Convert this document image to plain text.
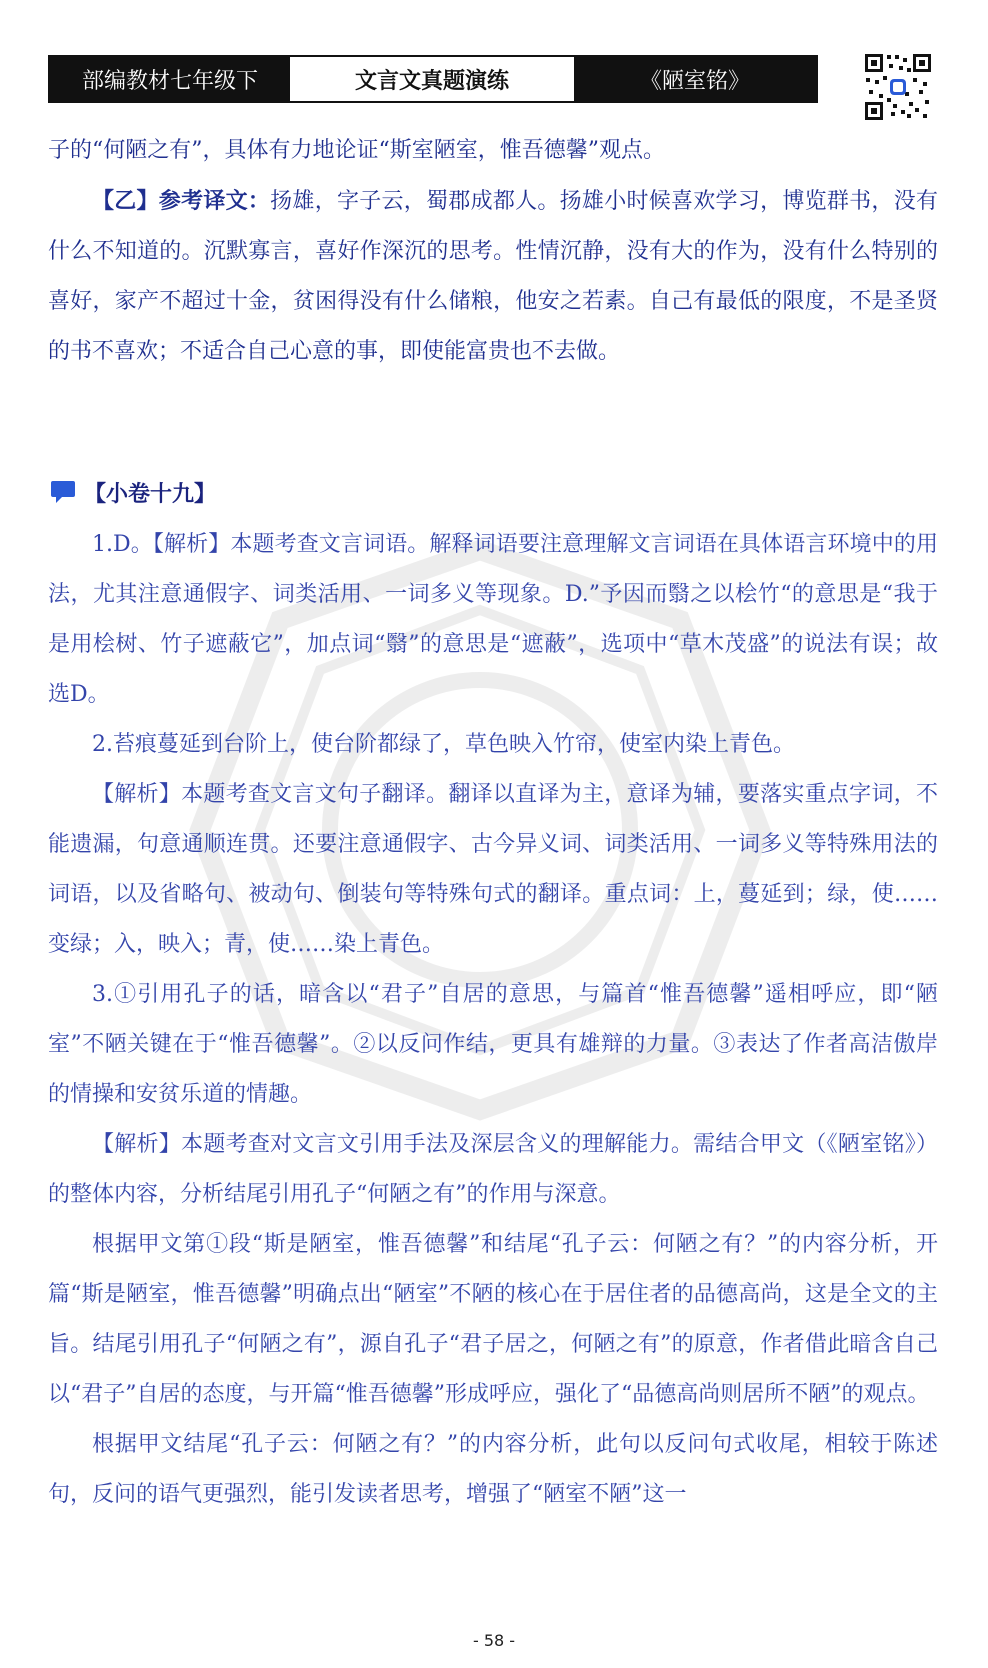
部编教材七年级下	文言文真题演练	《陋室铭》

子的“何陋之有”，具体有力地论证“斯室陋室，惟吾德馨”观点。

【乙】参考译文：扬雄，字子云，蜀郡成都人。扬雄小时候喜欢学习，博览群书，没有什么不知道的。沉默寡言，喜好作深沉的思考。性情沉静，没有大的作为，没有什么特别的喜好，家产不超过十金，贫困得没有什么储粮，他安之若素。自己有最低的限度，不是圣贤的书不喜欢；不适合自己心意的事，即使能富贵也不去做。

【小卷十九】

1.D。【解析】本题考查文言词语。解释词语要注意理解文言词语在具体语言环境中的用法，尤其注意通假字、词类活用、一词多义等现象。D.”予因而翳之以桧竹“的意思是“我于是用桧树、竹子遮蔽它”，加点词“翳”的意思是“遮蔽”，选项中“草木茂盛”的说法有误；故选D。

2.苔痕蔓延到台阶上，使台阶都绿了，草色映入竹帘，使室内染上青色。

【解析】本题考查文言文句子翻译。翻译以直译为主，意译为辅，要落实重点字词，不能遗漏，句意通顺连贯。还要注意通假字、古今异义词、词类活用、一词多义等特殊用法的词语，以及省略句、被动句、倒装句等特殊句式的翻译。重点词：上，蔓延到；绿，使……变绿；入，映入；青，使……染上青色。

3.①引用孔子的话，暗含以“君子”自居的意思，与篇首“惟吾德馨”遥相呼应，即“陋室”不陋关键在于“惟吾德馨”。②以反问作结，更具有雄辩的力量。③表达了作者高洁傲岸的情操和安贫乐道的情趣。

【解析】本题考查对文言文引用手法及深层含义的理解能力。需结合甲文（《陋室铭》）的整体内容，分析结尾引用孔子“何陋之有”的作用与深意。

根据甲文第①段“斯是陋室，惟吾德馨”和结尾“孔子云：何陋之有？”的内容分析，开篇“斯是陋室，惟吾德馨”明确点出“陋室”不陋的核心在于居住者的品德高尚，这是全文的主旨。结尾引用孔子“何陋之有”，源自孔子“君子居之，何陋之有”的原意，作者借此暗含自己以“君子”自居的态度，与开篇“惟吾德馨”形成呼应，强化了“品德高尚则居所不陋”的观点。

根据甲文结尾“孔子云：何陋之有？”的内容分析，此句以反问句式收尾，相较于陈述句，反问的语气更强烈，能引发读者思考，增强了“陋室不陋”这一

- 58 -
